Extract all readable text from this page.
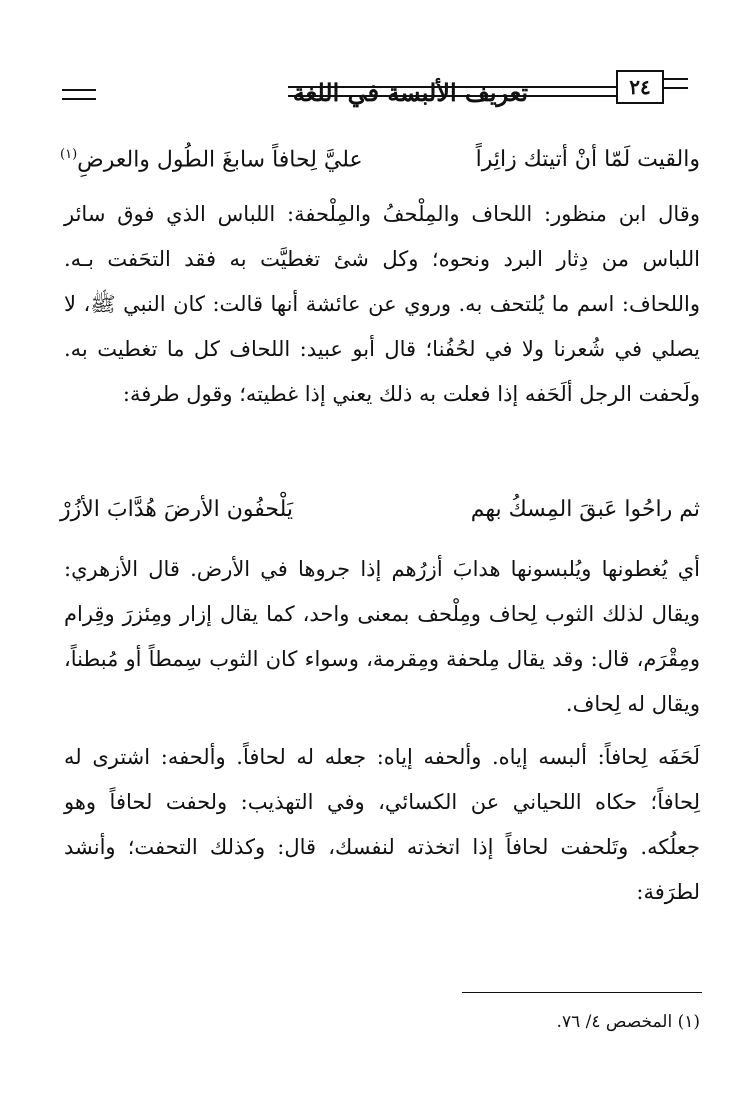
٢٤
تعريف الألبسة في اللغة
والقيت لَمّا أنْ أتيتك زائِراً
عليَّ لِحافاً سابغَ الطُول والعرضِ$^{(١)}$

وقال ابن منظور: اللحاف والمِلْحفُ والمِلْحفة: اللباس الذي فوق سائر اللباس من دِثار البرد ونحوه؛ وكل شئ تغطيَّت به فقد التحَفت بـه. واللحاف: اسم ما يُلتحف به. وروي عن عائشة أنها قالت: كان النبي ﷺ، لا يصلي في شُعرنا ولا في لحُفُنا؛ قال أبو عبيد: اللحاف كل ما تغطيت به. ولَحفت الرجل ألَحَفه إذا فعلت به ذلك يعني إذا غطيته؛ وقول طرفة:

ثم راحُوا عَبقَ المِسكُ بهم
يَلْحفُون الأرضَ هُدَّابَ الأزُرْ

أي يُغطونها ويُلبسونها هدابَ أزرُهم إذا جروها في الأرض. قال الأزهري: ويقال لذلك الثوب لِحاف ومِلْحف بمعنى واحد، كما يقال إزار ومِئزرَ وقِرام ومِقْرَم، قال: وقد يقال مِلحفة ومِقرمة، وسواء كان الثوب سِمطاً أو مُبطناً، ويقال له لِحاف.

لَحَفَه لِحافاً: ألبسه إياه. وألحفه إياه: جعله له لحافاً. وألحفه: اشترى له لِحافاً؛ حكاه اللحياني عن الكسائي، وفي التهذيب: ولحفت لحافاً وهو جعلُكه. وتَلحفت لحافاً إذا اتخذته لنفسك، قال: وكذلك التحفت؛ وأنشد لطرَفة:

(١) المخصص ٤/ ٧٦.
